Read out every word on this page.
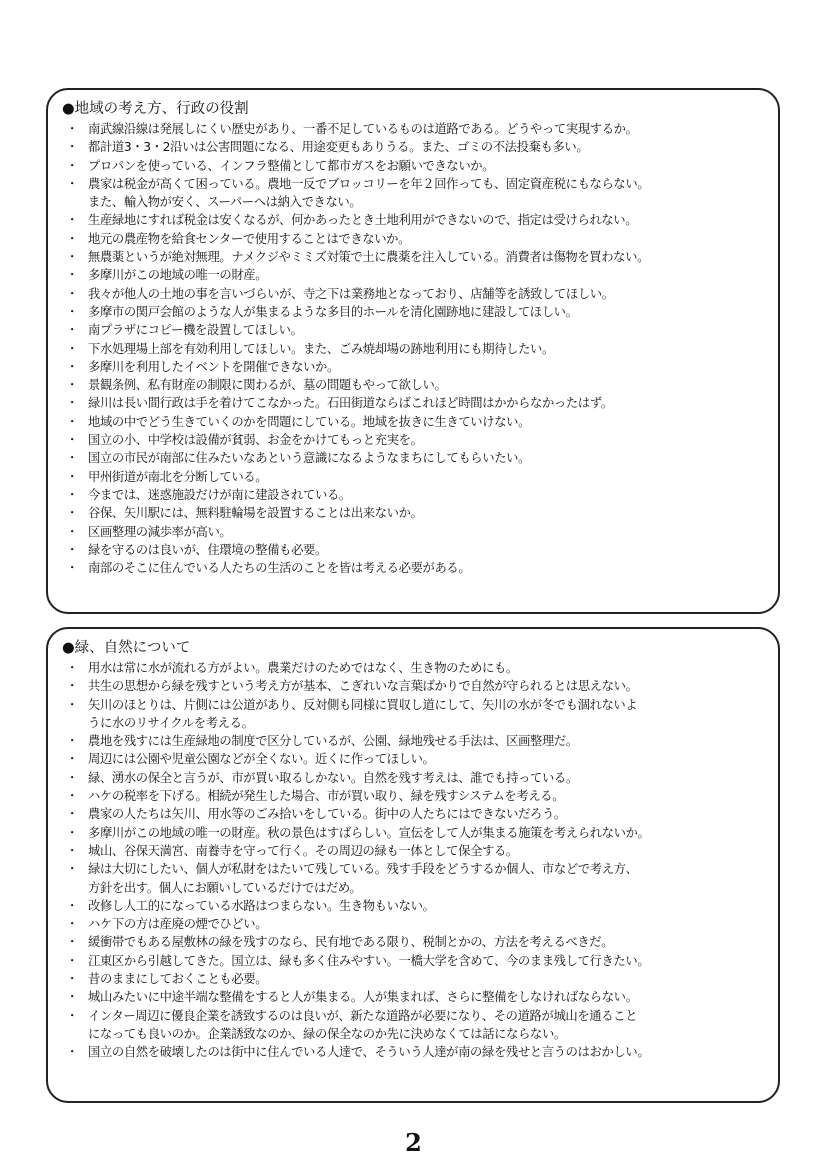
●地域の考え方、行政の役割
・ 南武線沿線は発展しにくい歴史があり、一番不足しているものは道路である。どうやって実現するか。
・ 都計道3・3・2沿いは公害問題になる、用途変更もありうる。また、ゴミの不法投棄も多い。
・ プロパンを使っている、インフラ整備として都市ガスをお願いできないか。
・ 農家は税金が高くて困っている。農地一反でブロッコリーを年２回作っても、固定資産税にもならない。
また、輸入物が安く、スーパーへは納入できない。
・ 生産緑地にすれば税金は安くなるが、何かあったとき土地利用ができないので、指定は受けられない。
・ 地元の農産物を給食センターで使用することはできないか。
・ 無農薬というが絶対無理。ナメクジやミミズ対策で土に農薬を注入している。消費者は傷物を買わない。
・ 多摩川がこの地域の唯一の財産。
・ 我々が他人の土地の事を言いづらいが、寺之下は業務地となっており、店舗等を誘致してほしい。
・ 多摩市の関戸会館のような人が集まるような多目的ホールを清化園跡地に建設してほしい。
・ 南プラザにコピー機を設置してほしい。
・ 下水処理場上部を有効利用してほしい。また、ごみ焼却場の跡地利用にも期待したい。
・ 多摩川を利用したイベントを開催できないか。
・ 景観条例、私有財産の制限に関わるが、墓の問題もやって欲しい。
・ 緑川は長い間行政は手を着けてこなかった。石田街道ならばこれほど時間はかからなかったはず。
・ 地域の中でどう生きていくのかを問題にしている。地域を抜きに生きていけない。
・ 国立の小、中学校は設備が貧弱、お金をかけてもっと充実を。
・ 国立の市民が南部に住みたいなあという意識になるようなまちにしてもらいたい。
・ 甲州街道が南北を分断している。
・ 今までは、迷惑施設だけが南に建設されている。
・ 谷保、矢川駅には、無料駐輪場を設置することは出来ないか。
・ 区画整理の減歩率が高い。
・ 緑を守るのは良いが、住環境の整備も必要。
・ 南部のそこに住んでいる人たちの生活のことを皆は考える必要がある。
●緑、自然について
・ 用水は常に水が流れる方がよい。農業だけのためではなく、生き物のためにも。
・ 共生の思想から緑を残すという考え方が基本、こぎれいな言葉ばかりで自然が守られるとは思えない。
・ 矢川のほとりは、片側には公道があり、反対側も同様に買収し道にして、矢川の水が冬でも涸れないよ
うに水のリサイクルを考える。
・ 農地を残すには生産緑地の制度で区分しているが、公園、緑地残せる手法は、区画整理だ。
・ 周辺には公園や児童公園などが全くない。近くに作ってほしい。
・ 緑、湧水の保全と言うが、市が買い取るしかない。自然を残す考えは、誰でも持っている。
・ ハケの税率を下げる。相続が発生した場合、市が買い取り、緑を残すシステムを考える。
・ 農家の人たちは矢川、用水等のごみ拾いをしている。街中の人たちにはできないだろう。
・ 多摩川がこの地域の唯一の財産。秋の景色はすばらしい。宣伝をして人が集まる施策を考えられないか。
・ 城山、谷保天満宮、南養寺を守って行く。その周辺の緑も一体として保全する。
・ 緑は大切にしたい、個人が私財をはたいて残している。残す手段をどうするか個人、市などで考え方、
方針を出す。個人にお願いしているだけではだめ。
・ 改修し人工的になっている水路はつまらない。生き物もいない。
・ ハケ下の方は産廃の煙でひどい。
・ 緩衝帯でもある屋敷林の緑を残すのなら、民有地である限り、税制とかの、方法を考えるべきだ。
・ 江東区から引越してきた。国立は、緑も多く住みやすい。一橋大学を含めて、今のまま残して行きたい。
・ 昔のままにしておくことも必要。
・ 城山みたいに中途半端な整備をすると人が集まる。人が集まれば、さらに整備をしなければならない。
・ インター周辺に優良企業を誘致するのは良いが、新たな道路が必要になり、その道路が城山を通ること
になっても良いのか。企業誘致なのか、緑の保全なのか先に決めなくては話にならない。
・ 国立の自然を破壊したのは街中に住んでいる人達で、そういう人達が南の緑を残せと言うのはおかしい。
2
